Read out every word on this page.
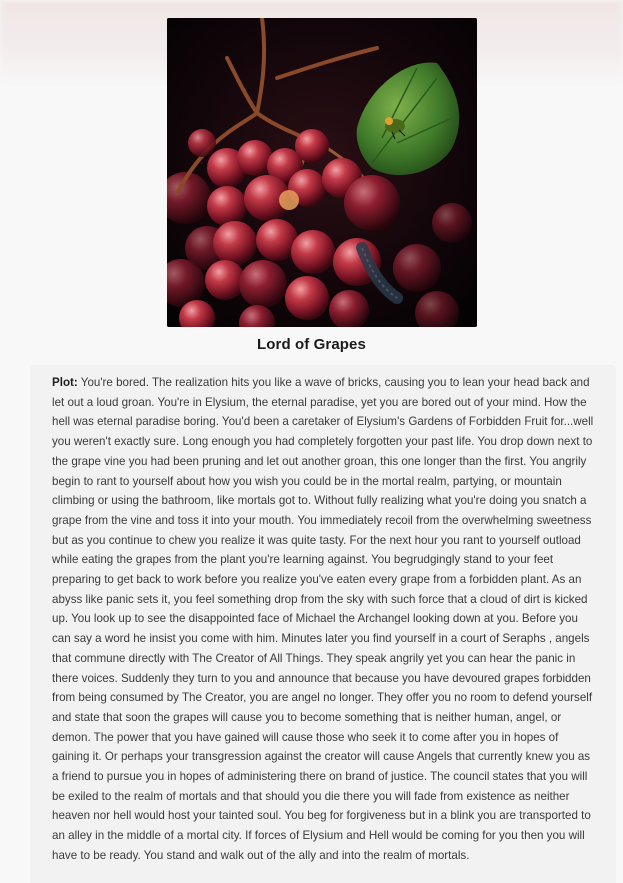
Lord of Grapes

Plot: You're bored. The realization hits you like a wave of bricks, causing you to lean your head back and let out a loud groan. You're in Elysium, the eternal paradise, yet you are bored out of your mind. How the hell was eternal paradise boring. You'd been a caretaker of Elysium's Gardens of Forbidden Fruit for...well you weren't exactly sure. Long enough you had completely forgotten your past life. You drop down next to the grape vine you had been pruning and let out another groan, this one longer than the first. You angrily begin to rant to yourself about how you wish you could be in the mortal realm, partying, or mountain climbing or using the bathroom, like mortals got to. Without fully realizing what you're doing you snatch a grape from the vine and toss it into your mouth. You immediately recoil from the overwhelming sweetness but as you continue to chew you realize it was quite tasty. For the next hour you rant to yourself outload while eating the grapes from the plant you're learning against. You begrudgingly stand to your feet preparing to get back to work before you realize you've eaten every grape from a forbidden plant. As an abyss like panic sets it, you feel something drop from the sky with such force that a cloud of dirt is kicked up. You look up to see the disappointed face of Michael the Archangel looking down at you. Before you can say a word he insist you come with him. Minutes later you find yourself in a court of Seraphs , angels that commune directly with The Creator of All Things. They speak angrily yet you can hear the panic in there voices. Suddenly they turn to you and announce that because you have devoured grapes forbidden from being consumed by The Creator, you are angel no longer. They offer you no room to defend yourself and state that soon the grapes will cause you to become something that is neither human, angel, or demon. The power that you have gained will cause those who seek it to come after you in hopes of gaining it. Or perhaps your transgression against the creator will cause Angels that currently knew you as a friend to pursue you in hopes of administering there on brand of justice. The council states that you will be exiled to the realm of mortals and that should you die there you will fade from existence as neither heaven nor hell would host your tainted soul. You beg for forgiveness but in a blink you are transported to an alley in the middle of a mortal city. If forces of Elysium and Hell would be coming for you then you will have to be ready. You stand and walk out of the ally and into the realm of mortals.
